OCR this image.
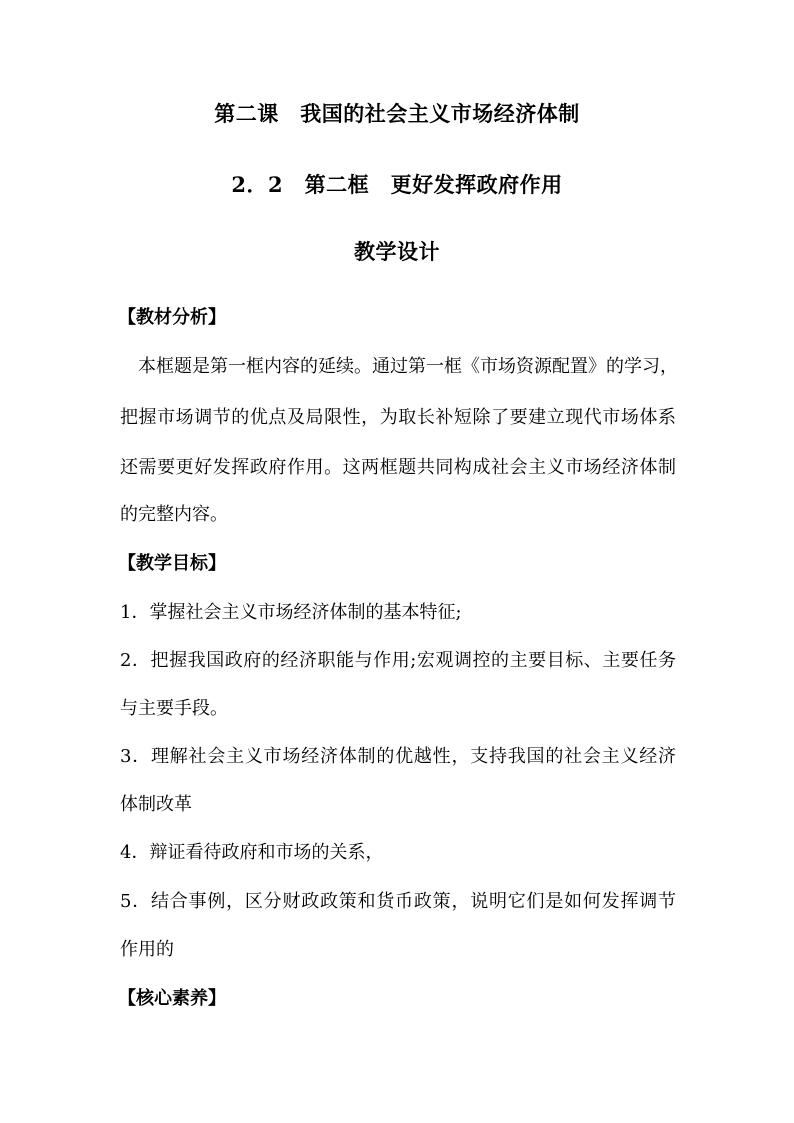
第二课　我国的社会主义市场经济体制
2．2　第二框　更好发挥政府作用
教学设计
【教材分析】
本框题是第一框内容的延续。通过第一框《市场资源配置》的学习，
把握市场调节的优点及局限性，为取长补短除了要建立现代市场体系
还需要更好发挥政府作用。这两框题共同构成社会主义市场经济体制
的完整内容。
【教学目标】
1．掌握社会主义市场经济体制的基本特征;
2．把握我国政府的经济职能与作用;宏观调控的主要目标、主要任务
与主要手段。
3．理解社会主义市场经济体制的优越性，支持我国的社会主义经济
体制改革
4．辩证看待政府和市场的关系，
5．结合事例，区分财政政策和货币政策，说明它们是如何发挥调节
作用的
【核心素养】
